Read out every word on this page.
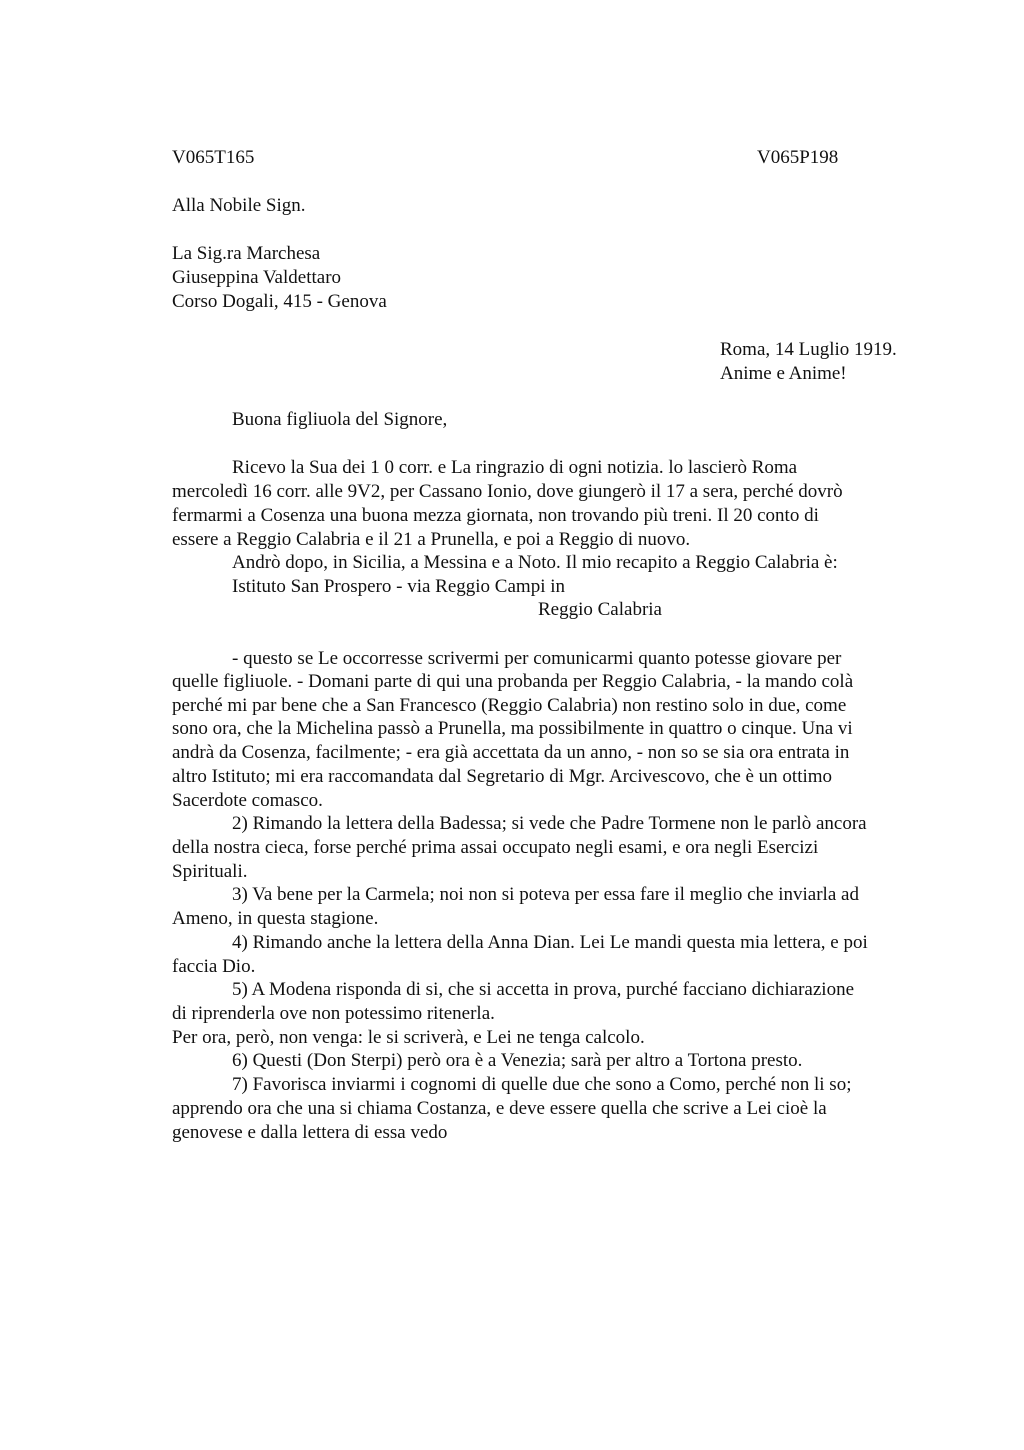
V065T165	V065P198
Alla Nobile Sign.
La Sig.ra Marchesa
Giuseppina Valdettaro
Corso Dogali, 415 - Genova
Roma, 14 Luglio 1919.
Anime e Anime!
Buona figliuola del Signore,
Ricevo la Sua dei 1 0 corr. e La ringrazio di ogni notizia. lo lascierò Roma
mercoledì 16 corr. alle 9V2, per Cassano Ionio, dove giungerò il 17 a sera, perché dovrò
fermarmi a Cosenza una buona mezza giornata, non trovando più treni. Il 20 conto di
essere a Reggio Calabria e il 21 a Prunella, e poi a Reggio di nuovo.
Andrò dopo, in Sicilia, a Messina e a Noto. Il mio recapito a Reggio Calabria è:
Istituto San Prospero - via Reggio Campi in
Reggio Calabria
- questo se Le occorresse scrivermi per comunicarmi quanto potesse giovare per
quelle figliuole. - Domani parte di qui una probanda per Reggio Calabria, - la mando colà
perché mi par bene che a San Francesco (Reggio Calabria) non restino solo in due, come
sono ora, che la Michelina passò a Prunella, ma possibilmente in quattro o cinque. Una vi
andrà da Cosenza, facilmente; - era già accettata da un anno, - non so se sia ora entrata in
altro Istituto; mi era raccomandata dal Segretario di Mgr. Arcivescovo, che è un ottimo
Sacerdote comasco.
2) Rimando la lettera della Badessa; si vede che Padre Tormene non le parlò ancora
della nostra cieca, forse perché prima assai occupato negli esami, e ora negli Esercizi
Spirituali.
3) Va bene per la Carmela; noi non si poteva per essa fare il meglio che inviarla ad
Ameno, in questa stagione.
4) Rimando anche la lettera della Anna Dian. Lei Le mandi questa mia lettera, e poi
faccia Dio.
5) A Modena risponda di si, che si accetta in prova, purché facciano dichiarazione
di riprenderla ove non potessimo ritenerla.
Per ora, però, non venga: le si scriverà, e Lei ne tenga calcolo.
6) Questi (Don Sterpi) però ora è a Venezia; sarà per altro a Tortona presto.
7) Favorisca inviarmi i cognomi di quelle due che sono a Como, perché non li so;
apprendo ora che una si chiama Costanza, e deve essere quella che scrive a Lei cioè la
genovese e dalla lettera di essa vedo
